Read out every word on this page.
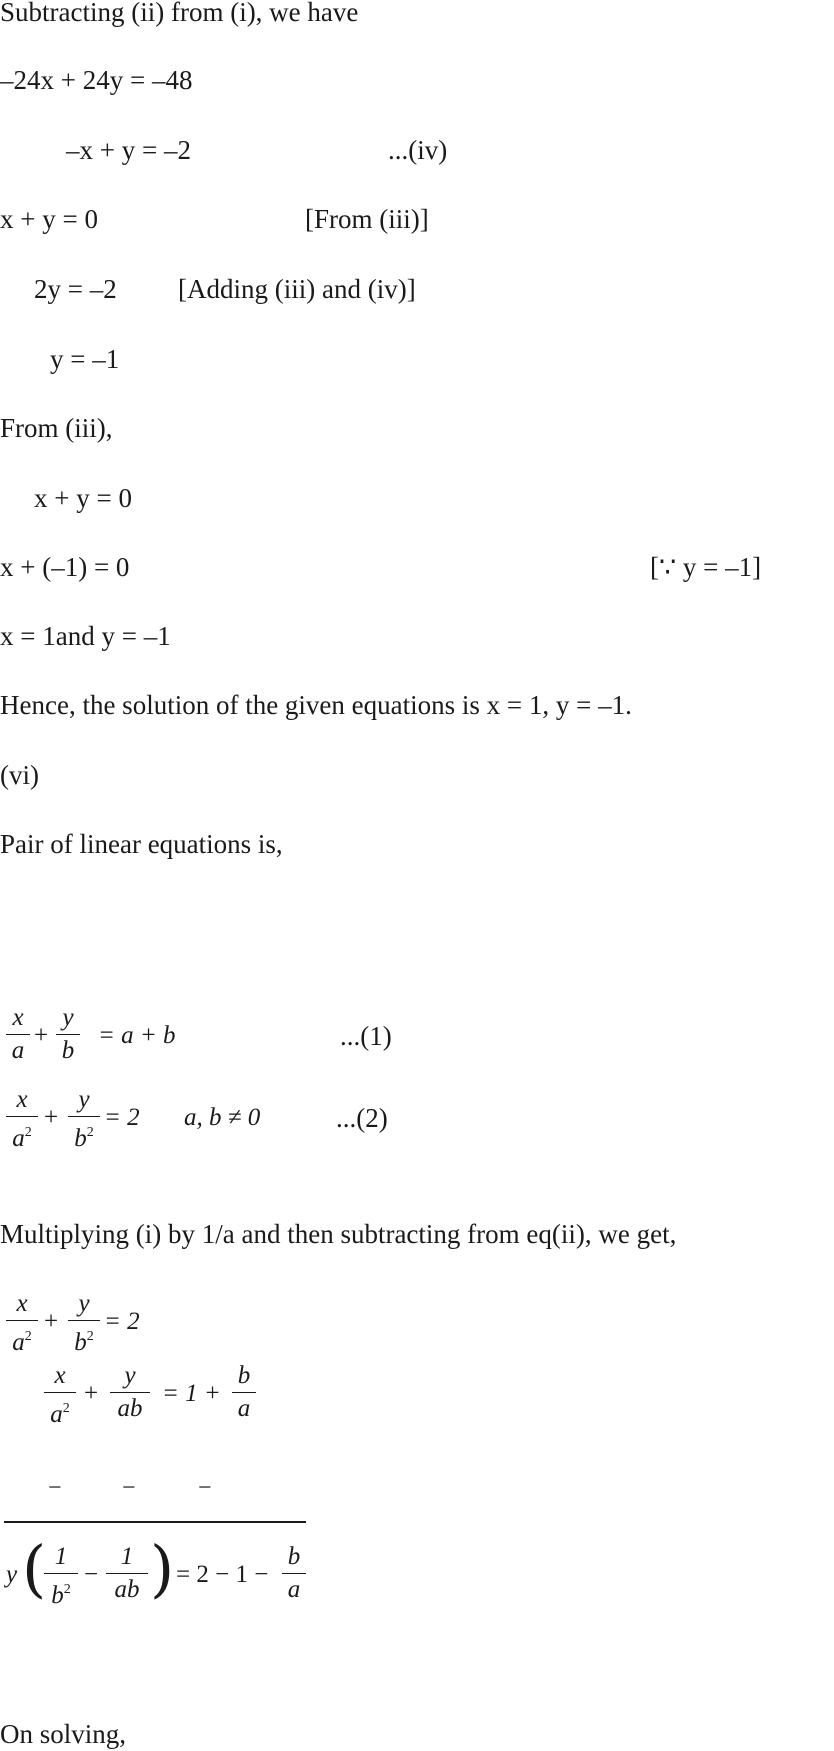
Subtracting (ii) from (i), we have
–24x + 24y = –48
–x + y = –2	...(iv)
x + y = 0	[From (iii)]
2y = –2 [Adding (iii) and (iv)]
y = –1
From (iii),
x + y = 0
x + (–1) = 0	[∵ y = –1]
x = 1and y = –1
Hence, the solution of the given equations is x = 1, y = –1.
(vi)
Pair of linear equations is,
x
a
+
y
b
= a + b	...(1)
x
$a^2$
+
y
$b^2$
= 2 a, b ≠ 0	...(2)
Multiplying (i) by 1/a and then subtracting from eq(ii), we get,
x
$a^2$
+
y
$b^2$
= 2
x
$a^2$
+
y
ab
= 1 +
b
a
−	−	−
y ( 1
$b^2$
−
1
ab ) = 2 − 1 −
b
a
On solving,
